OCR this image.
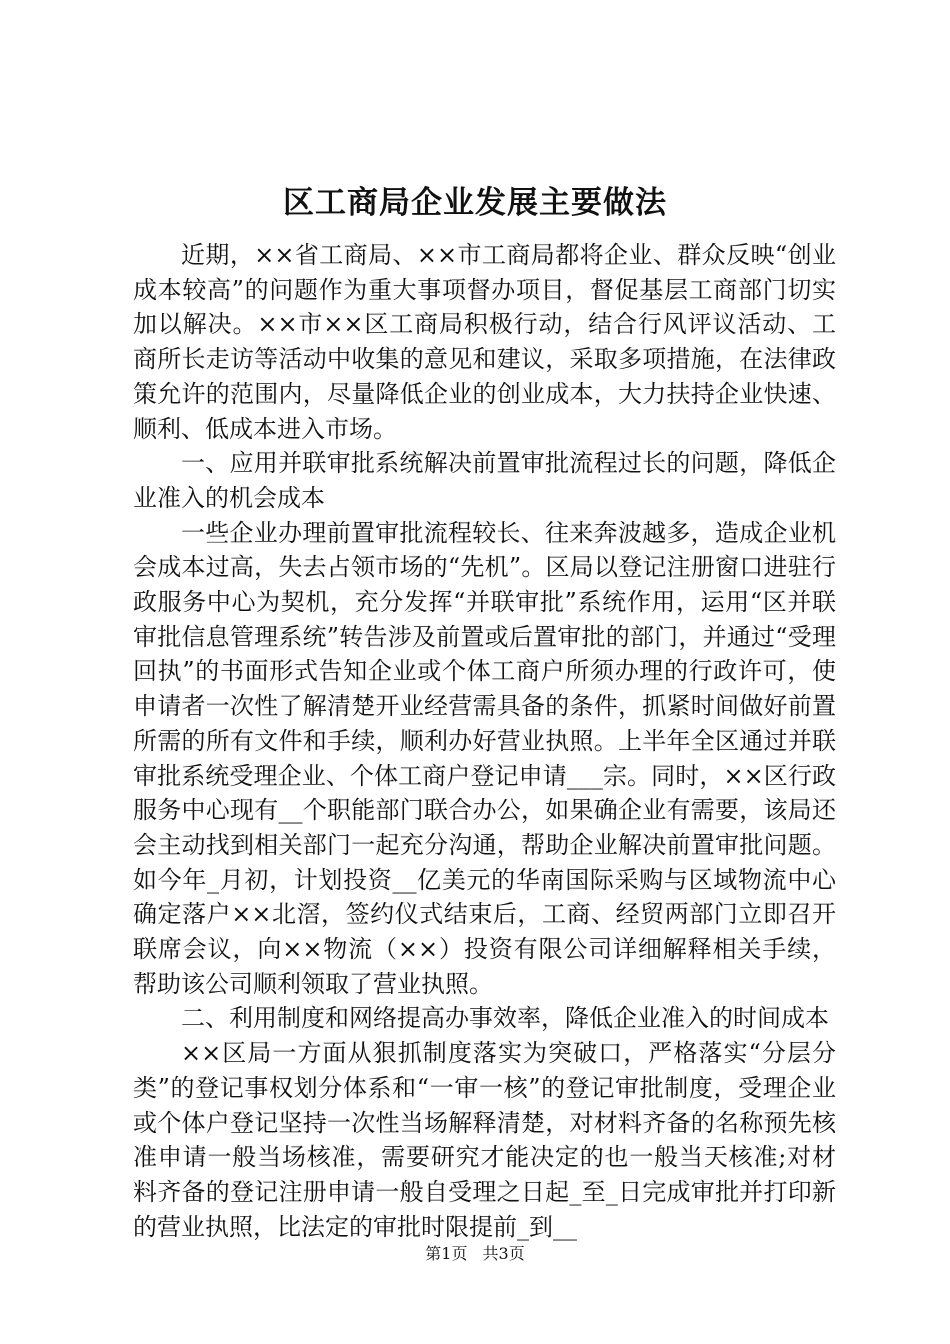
区工商局企业发展主要做法

近期，××省工商局、××市工商局都将企业、群众反映“创业成本较高”的问题作为重大事项督办项目，督促基层工商部门切实加以解决。××市××区工商局积极行动，结合行风评议活动、工商所长走访等活动中收集的意见和建议，采取多项措施，在法律政策允许的范围内，尽量降低企业的创业成本，大力扶持企业快速、顺利、低成本进入市场。

一、应用并联审批系统解决前置审批流程过长的问题，降低企业准入的机会成本

一些企业办理前置审批流程较长、往来奔波越多，造成企业机会成本过高，失去占领市场的“先机”。区局以登记注册窗口进驻行政服务中心为契机，充分发挥“并联审批”系统作用，运用“区并联审批信息管理系统”转告涉及前置或后置审批的部门，并通过“受理回执”的书面形式告知企业或个体工商户所须办理的行政许可，使申请者一次性了解清楚开业经营需具备的条件，抓紧时间做好前置所需的所有文件和手续，顺利办好营业执照。上半年全区通过并联审批系统受理企业、个体工商户登记申请___宗。同时，××区行政服务中心现有__个职能部门联合办公，如果确企业有需要，该局还会主动找到相关部门一起充分沟通，帮助企业解决前置审批问题。如今年_月初，计划投资__亿美元的华南国际采购与区域物流中心确定落户××北滘，签约仪式结束后，工商、经贸两部门立即召开联席会议，向××物流（××）投资有限公司详细解释相关手续，帮助该公司顺利领取了营业执照。

二、利用制度和网络提高办事效率，降低企业准入的时间成本

××区局一方面从狠抓制度落实为突破口，严格落实“分层分类”的登记事权划分体系和“一审一核”的登记审批制度，受理企业或个体户登记坚持一次性当场解释清楚，对材料齐备的名称预先核准申请一般当场核准，需要研究才能决定的也一般当天核准;对材料齐备的登记注册申请一般自受理之日起_至_日完成审批并打印新的营业执照，比法定的审批时限提前_到__

第1页 共3页
